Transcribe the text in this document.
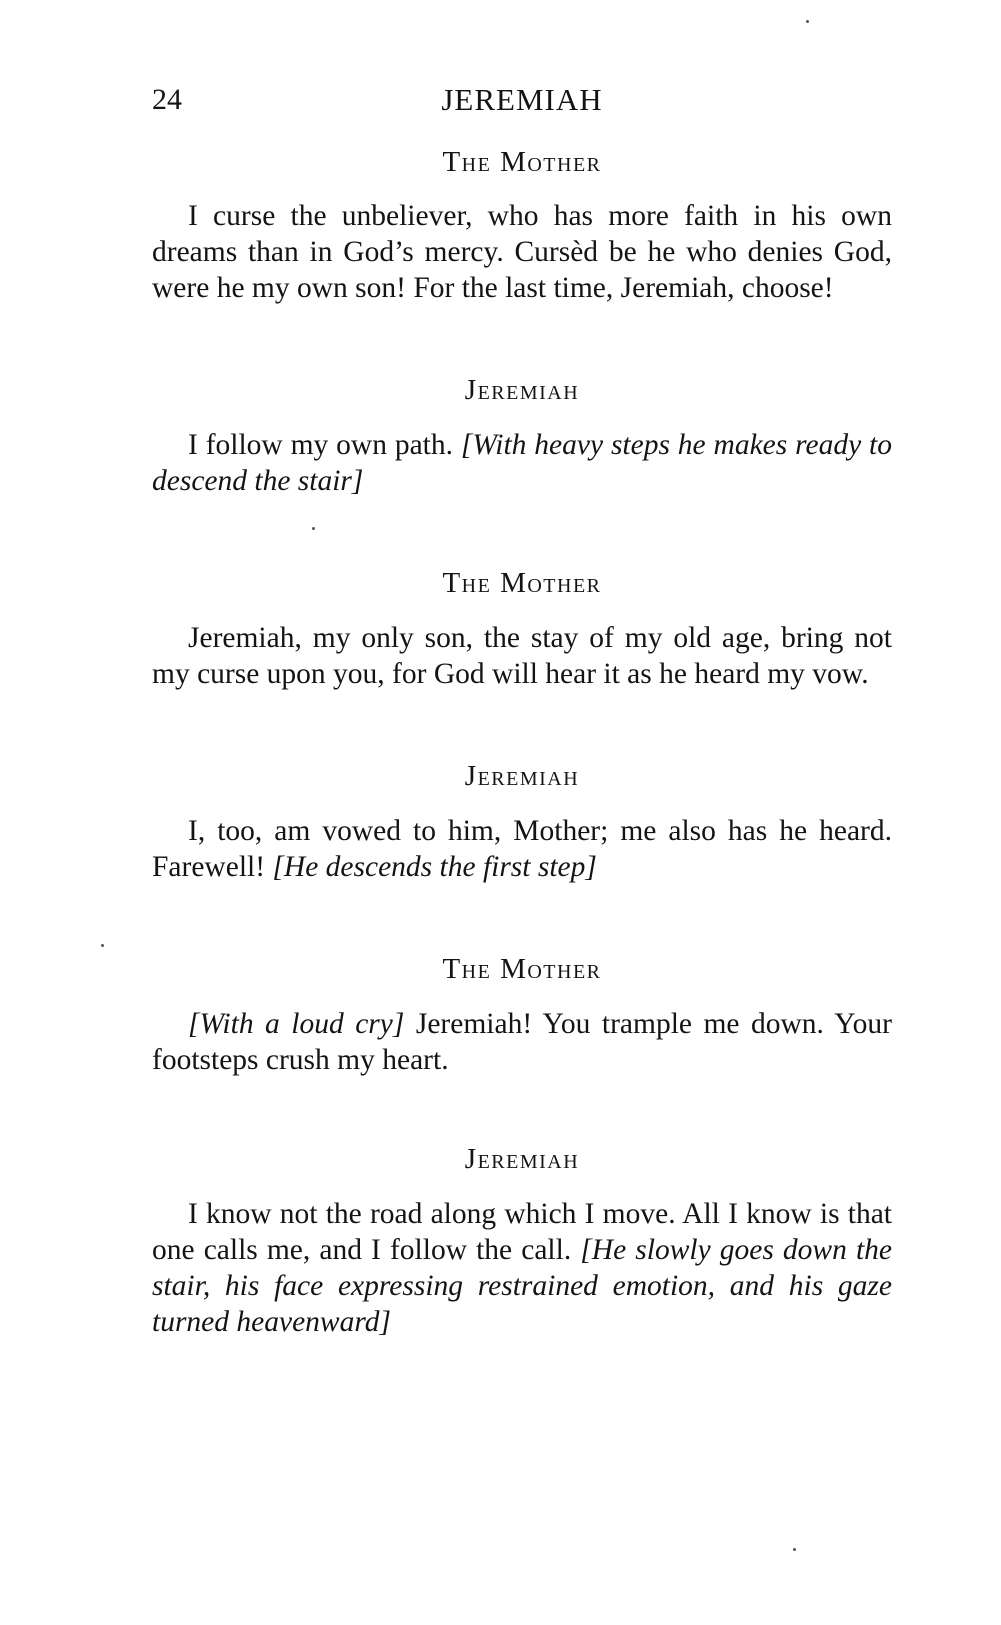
24	JEREMIAH
The Mother

I curse the unbeliever, who has more faith in his own dreams than in God’s mercy. Cursèd be he who denies God, were he my own son! For the last time, Jeremiah, choose!

Jeremiah

I follow my own path. [With heavy steps he makes ready to descend the stair]

The Mother

Jeremiah, my only son, the stay of my old age, bring not my curse upon you, for God will hear it as he heard my vow.

Jeremiah

I, too, am vowed to him, Mother; me also has he heard. Farewell! [He descends the first step]

The Mother

[With a loud cry] Jeremiah! You trample me down. Your footsteps crush my heart.

Jeremiah

I know not the road along which I move. All I know is that one calls me, and I follow the call. [He slowly goes down the stair, his face expressing restrained emotion, and his gaze turned heavenward]
